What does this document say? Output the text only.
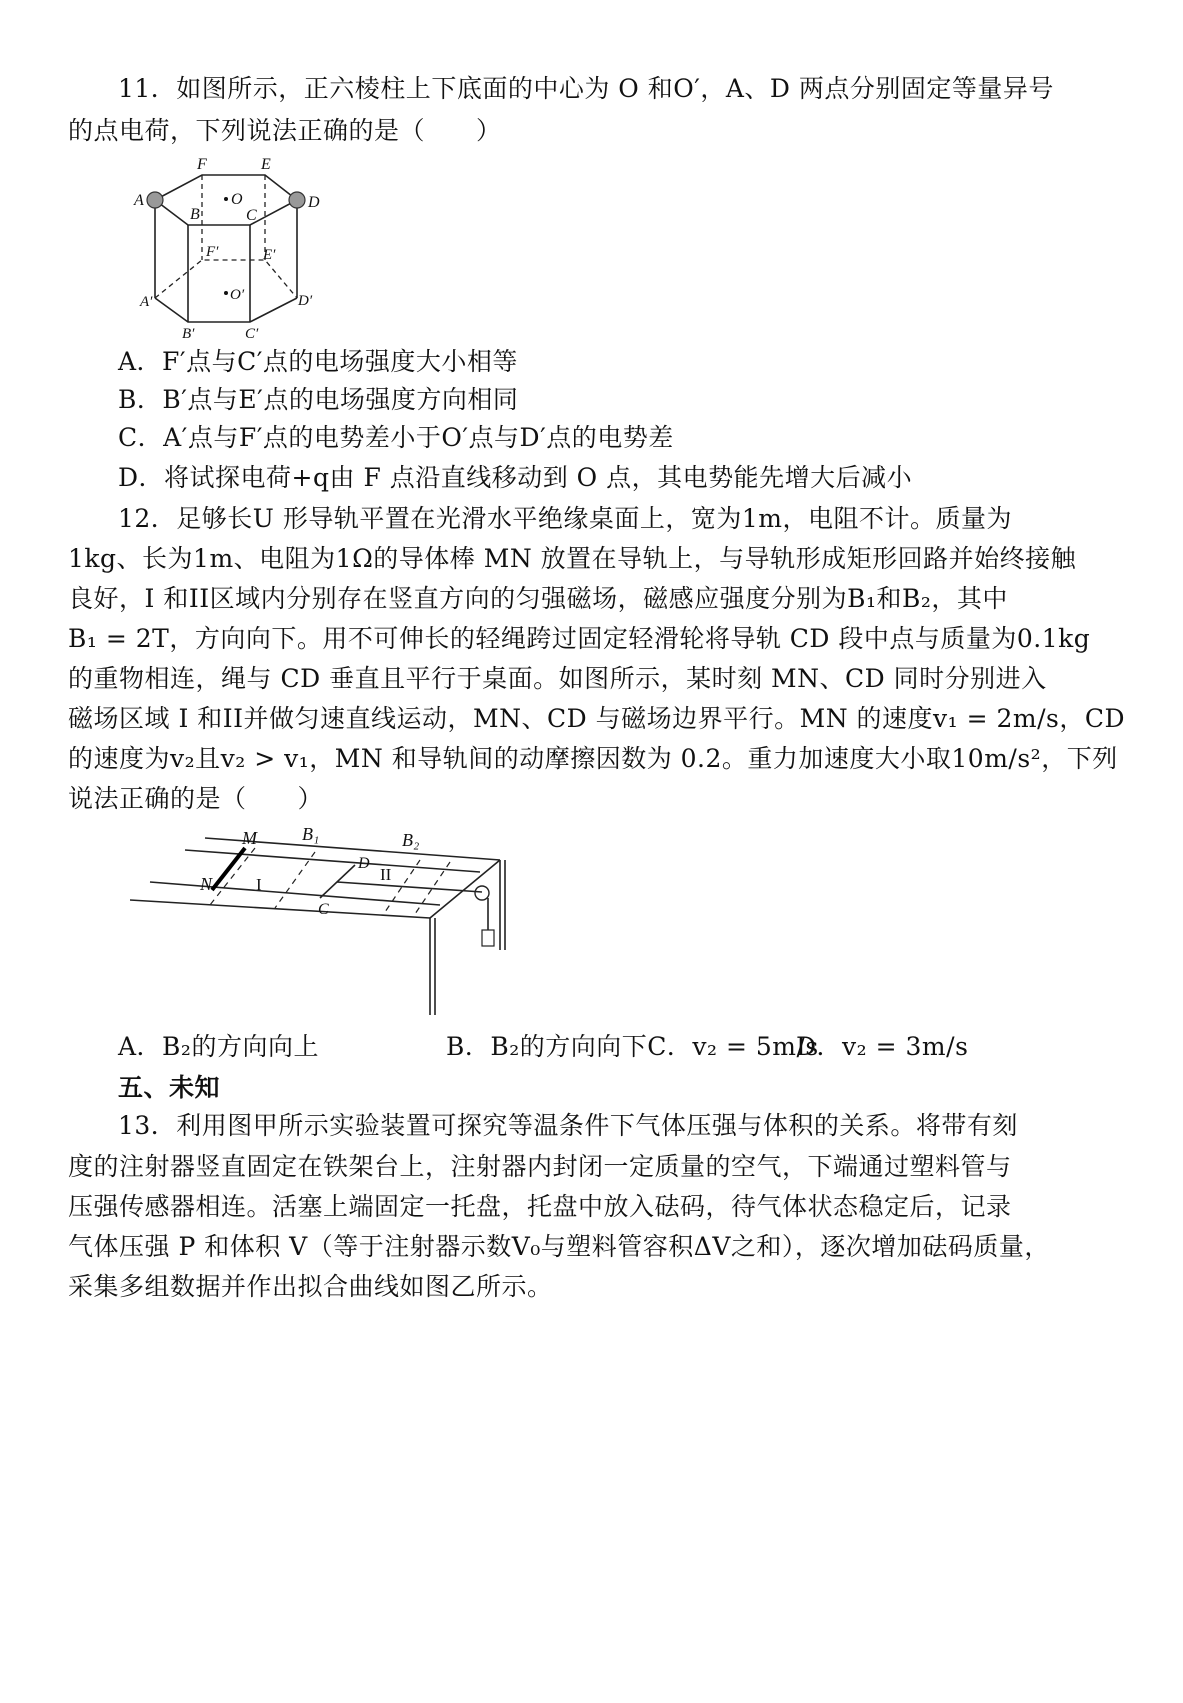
11．如图所示，正六棱柱上下底面的中心为 O 和O′，A、D 两点分别固定等量异号
的点电荷，下列说法正确的是（　　）
F	E
A	D
B	C
O
F′	E′
A′	D′
O′
B′	C′
A．F′点与C′点的电场强度大小相等
B．B′点与E′点的电场强度方向相同
C．A′点与F′点的电势差小于O′点与D′点的电势差
D．将试探电荷+q由 F 点沿直线移动到 O 点，其电势能先增大后减小
12．足够长U 形导轨平置在光滑水平绝缘桌面上，宽为1m，电阻不计。质量为
1kg、长为1m、电阻为1Ω的导体棒 MN 放置在导轨上，与导轨形成矩形回路并始终接触
良好，I 和II区域内分别存在竖直方向的匀强磁场，磁感应强度分别为B₁和B₂，其中
B₁ = 2T，方向向下。用不可伸长的轻绳跨过固定轻滑轮将导轨 CD 段中点与质量为0.1kg
的重物相连，绳与 CD 垂直且平行于桌面。如图所示，某时刻 MN、CD 同时分别进入
磁场区域 I 和II并做匀速直线运动，MN、CD 与磁场边界平行。MN 的速度v₁ = 2m/s，CD
的速度为v₂且v₂ > v₁，MN 和导轨间的动摩擦因数为 0.2。重力加速度大小取10m/s²，下列
说法正确的是（　　）
M
N
B₁	B₂
D
C
I
II
A．B₂的方向向上	B．B₂的方向向下C．v₂ = 5m/s
D．v₂ = 3m/s
五、未知
13．利用图甲所示实验装置可探究等温条件下气体压强与体积的关系。将带有刻
度的注射器竖直固定在铁架台上，注射器内封闭一定质量的空气，下端通过塑料管与
压强传感器相连。活塞上端固定一托盘，托盘中放入砝码，待气体状态稳定后，记录
气体压强 P 和体积 V（等于注射器示数V₀与塑料管容积ΔV之和），逐次增加砝码质量，
采集多组数据并作出拟合曲线如图乙所示。
